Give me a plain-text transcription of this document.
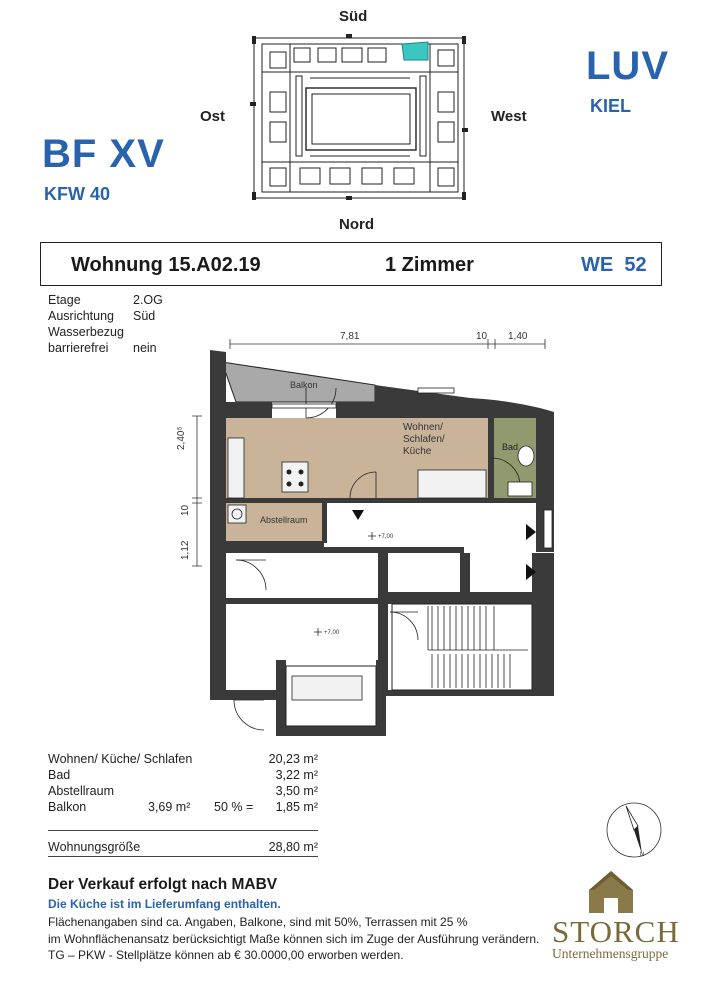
Süd
Ost	West
Nord
BF XV
KFW 40
LUV
KIEL
Wohnung 15.A02.19	1 Zimmer	WE  52
Etage	2.OG
Ausrichtung Süd
Wasserbezug
barrierefrei nein
7,81	10 1,40
2,40⁵
10
1,12
Balkon
Wohnen/
Schlafen/
Küche	Bad
Abstellraum
+7,00
+7,00
Wohnen/ Küche/ Schlafen	20,23 m²
Bad	3,22 m²
Abstellraum	3,50 m²
Balkon	3,69 m² 50 % =	1,85 m²
Wohnungsgröße	28,80 m²
N
Der Verkauf erfolgt nach MABV
Die Küche ist im Lieferumfang enthalten.
Flächenangaben sind ca. Angaben, Balkone, sind mit 50%, Terrassen mit 25 %
im Wohnflächenansatz berücksichtigt Maße können sich im Zuge der Ausführung verändern.
TG – PKW - Stellplätze können ab € 30.0000,00 erworben werden.
STORCH
Unternehmensgruppe
